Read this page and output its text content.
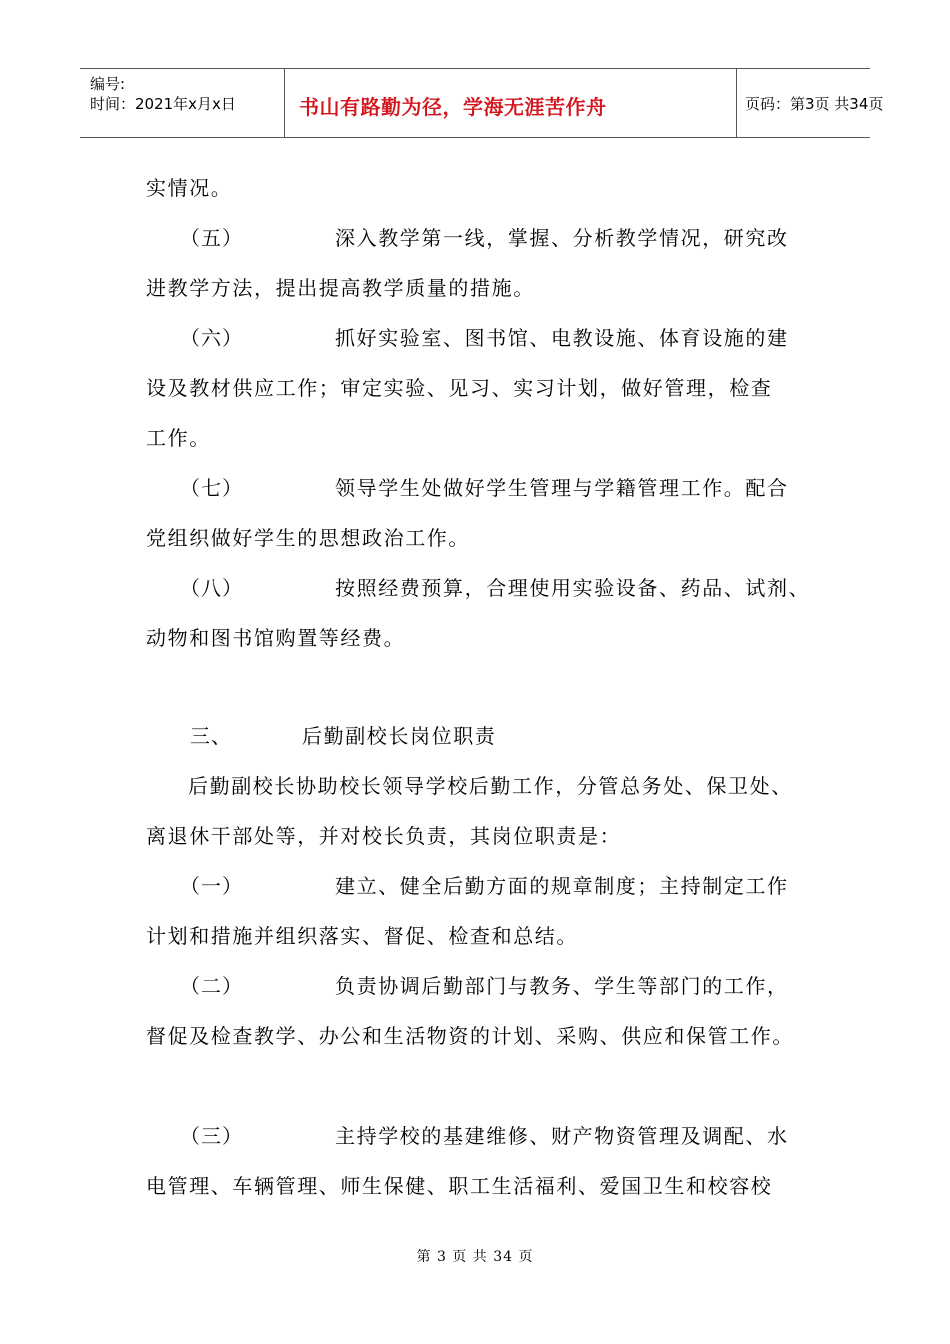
编号:
时间：2021年x月x日	书山有路勤为径，学海无涯苦作舟	页码：第3页 共34页
实情况。
（五）	深入教学第一线，掌握、分析教学情况，研究改
进教学方法，提出提高教学质量的措施。
（六）	抓好实验室、图书馆、电教设施、体育设施的建
设及教材供应工作；审定实验、见习、实习计划，做好管理，检查
工作。
（七）	领导学生处做好学生管理与学籍管理工作。配合
党组织做好学生的思想政治工作。
（八）	按照经费预算，合理使用实验设备、药品、试剂、
动物和图书馆购置等经费。
三、	后勤副校长岗位职责
后勤副校长协助校长领导学校后勤工作，分管总务处、保卫处、
离退休干部处等，并对校长负责，其岗位职责是：
（一）	建立、健全后勤方面的规章制度；主持制定工作
计划和措施并组织落实、督促、检查和总结。
（二）	负责协调后勤部门与教务、学生等部门的工作，
督促及检查教学、办公和生活物资的计划、采购、供应和保管工作。
（三）	主持学校的基建维修、财产物资管理及调配、水
电管理、车辆管理、师生保健、职工生活福利、爱国卫生和校容校
第 3 页 共 34 页
